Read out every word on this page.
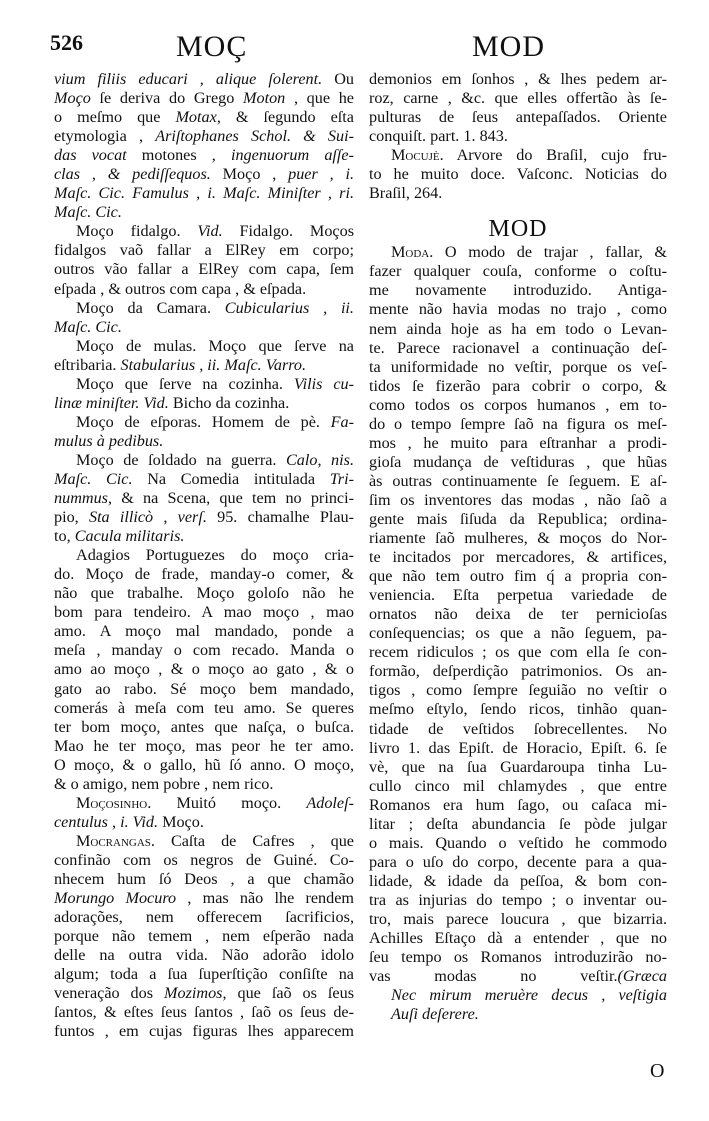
526	MOÇ	MOD
vium filiis educari , alique ſolerent. Ou
Moço ſe deriva do Grego Moton , que he
o meſmo que Motax, & ſegundo eſta
etymologia , Ariſtophanes Schol. & Sui-
das vocat motones , ingenuorum aſſe-
clas , & pediſſequos. Moço , puer , i.
Maſc. Cic. Famulus , i. Maſc. Miniſter , ri.
Maſc. Cic.
Moço fidalgo. Vid. Fidalgo. Moços
fidalgos vaõ fallar a ElRey em corpo;
outros vão fallar a ElRey com capa, ſem
eſpada , & outros com capa , & eſpada.
Moço da Camara. Cubicularius , ii.
Maſc. Cic.
Moço de mulas. Moço que ſerve na
eſtribaria. Stabularius , ii. Maſc. Varro.
Moço que ſerve na cozinha. Vilis cu-
linæ miniſter. Vid. Bicho da cozinha.
Moço de eſporas. Homem de pè. Fa-
mulus à pedibus.
Moço de ſoldado na guerra. Calo, nis.
Maſc. Cic. Na Comedia intitulada Tri-
nummus, & na Scena, que tem no princi-
pio, Sta illicò , verſ. 95. chamalhe Plau-
to, Cacula militaris.
Adagios Portuguezes do moço cria-
do. Moço de frade, manday-o comer, &
não que trabalhe. Moço goloſo não he
bom para tendeiro. A mao moço , mao
amo. A moço mal mandado, ponde a
meſa , manday o com recado. Manda o
amo ao moço , & o moço ao gato , & o
gato ao rabo. Sé moço bem mandado,
comerás à meſa com teu amo. Se queres
ter bom moço, antes que naſça, o buſca.
Mao he ter moço, mas peor he ter amo.
O moço, & o gallo, hũ ſó anno. O moço,
& o amigo, nem pobre , nem rico.
Moçosinho. Muitó moço. Adoleſ-
centulus , i. Vid. Moço.
Mocrangas. Caſta de Cafres , que
confinão com os negros de Guiné. Co-
nhecem hum ſó Deos , a que chamão
Morungo Mocuro , mas não lhe rendem
adorações, nem offerecem ſacrificios,
porque não temem , nem eſperão nada
delle na outra vida. Não adorão idolo
algum; toda a ſua ſuperſtição conſiſte na
veneração dos Mozimos, que ſaõ os ſeus
ſantos, & eſtes ſeus ſantos , ſaõ os ſeus de-
funtos , em cujas figuras lhes apparecem
demonios em ſonhos , & lhes pedem ar-
roz, carne , &c. que elles offertão às ſe-
pulturas de ſeus antepaſſados. Oriente
conquiſt. part. 1. 843.
Mocujè. Arvore do Braſil, cujo fru-
to he muito doce. Vaſconc. Noticias do
Braſil, 264.
MOD
Moda. O modo de trajar , fallar, &
fazer qualquer couſa, conforme o coſtu-
me novamente introduzido. Antiga-
mente não havia modas no trajo , como
nem ainda hoje as ha em todo o Levan-
te. Parece racionavel a continuação deſ-
ta uniformidade no veſtir, porque os veſ-
tidos ſe fizerão para cobrir o corpo, &
como todos os corpos humanos , em to-
do o tempo ſempre ſaõ na figura os meſ-
mos , he muito para eſtranhar a prodi-
gioſa mudança de veſtiduras , que hũas
às outras continuamente ſe ſeguem. E aſ-
ſim os inventores das modas , não ſaõ a
gente mais ſiſuda da Republica; ordina-
riamente ſaõ mulheres, & moços do Nor-
te incitados por mercadores, & artifices,
que não tem outro fim q́ a propria con-
veniencia. Eſta perpetua variedade de
ornatos não deixa de ter pernicioſas
conſequencias; os que a não ſeguem, pa-
recem ridiculos ; os que com ella ſe con-
formão, deſperdição patrimonios. Os an-
tigos , como ſempre ſeguião no veſtir o
meſmo eſtylo, ſendo ricos, tinhão quan-
tidade de veſtidos ſobrecellentes. No
livro 1. das Epiſt. de Horacio, Epiſt. 6. ſe
vè, que na ſua Guardaroupa tinha Lu-
cullo cinco mil chlamydes , que entre
Romanos era hum ſago, ou caſaca mi-
litar ; deſta abundancia ſe pòde julgar
o mais. Quando o veſtido he commodo
para o uſo do corpo, decente para a qua-
lidade, & idade da peſſoa, & bom con-
tra as injurias do tempo ; o inventar ou-
tro, mais parece loucura , que bizarria.
Achilles Eſtaço dà a entender , que no
ſeu tempo os Romanos introduzirão no-
vas modas no veſtir. (Græca
Nec mirum meruère decus , veſtigia
Auſi deſerere.
O
